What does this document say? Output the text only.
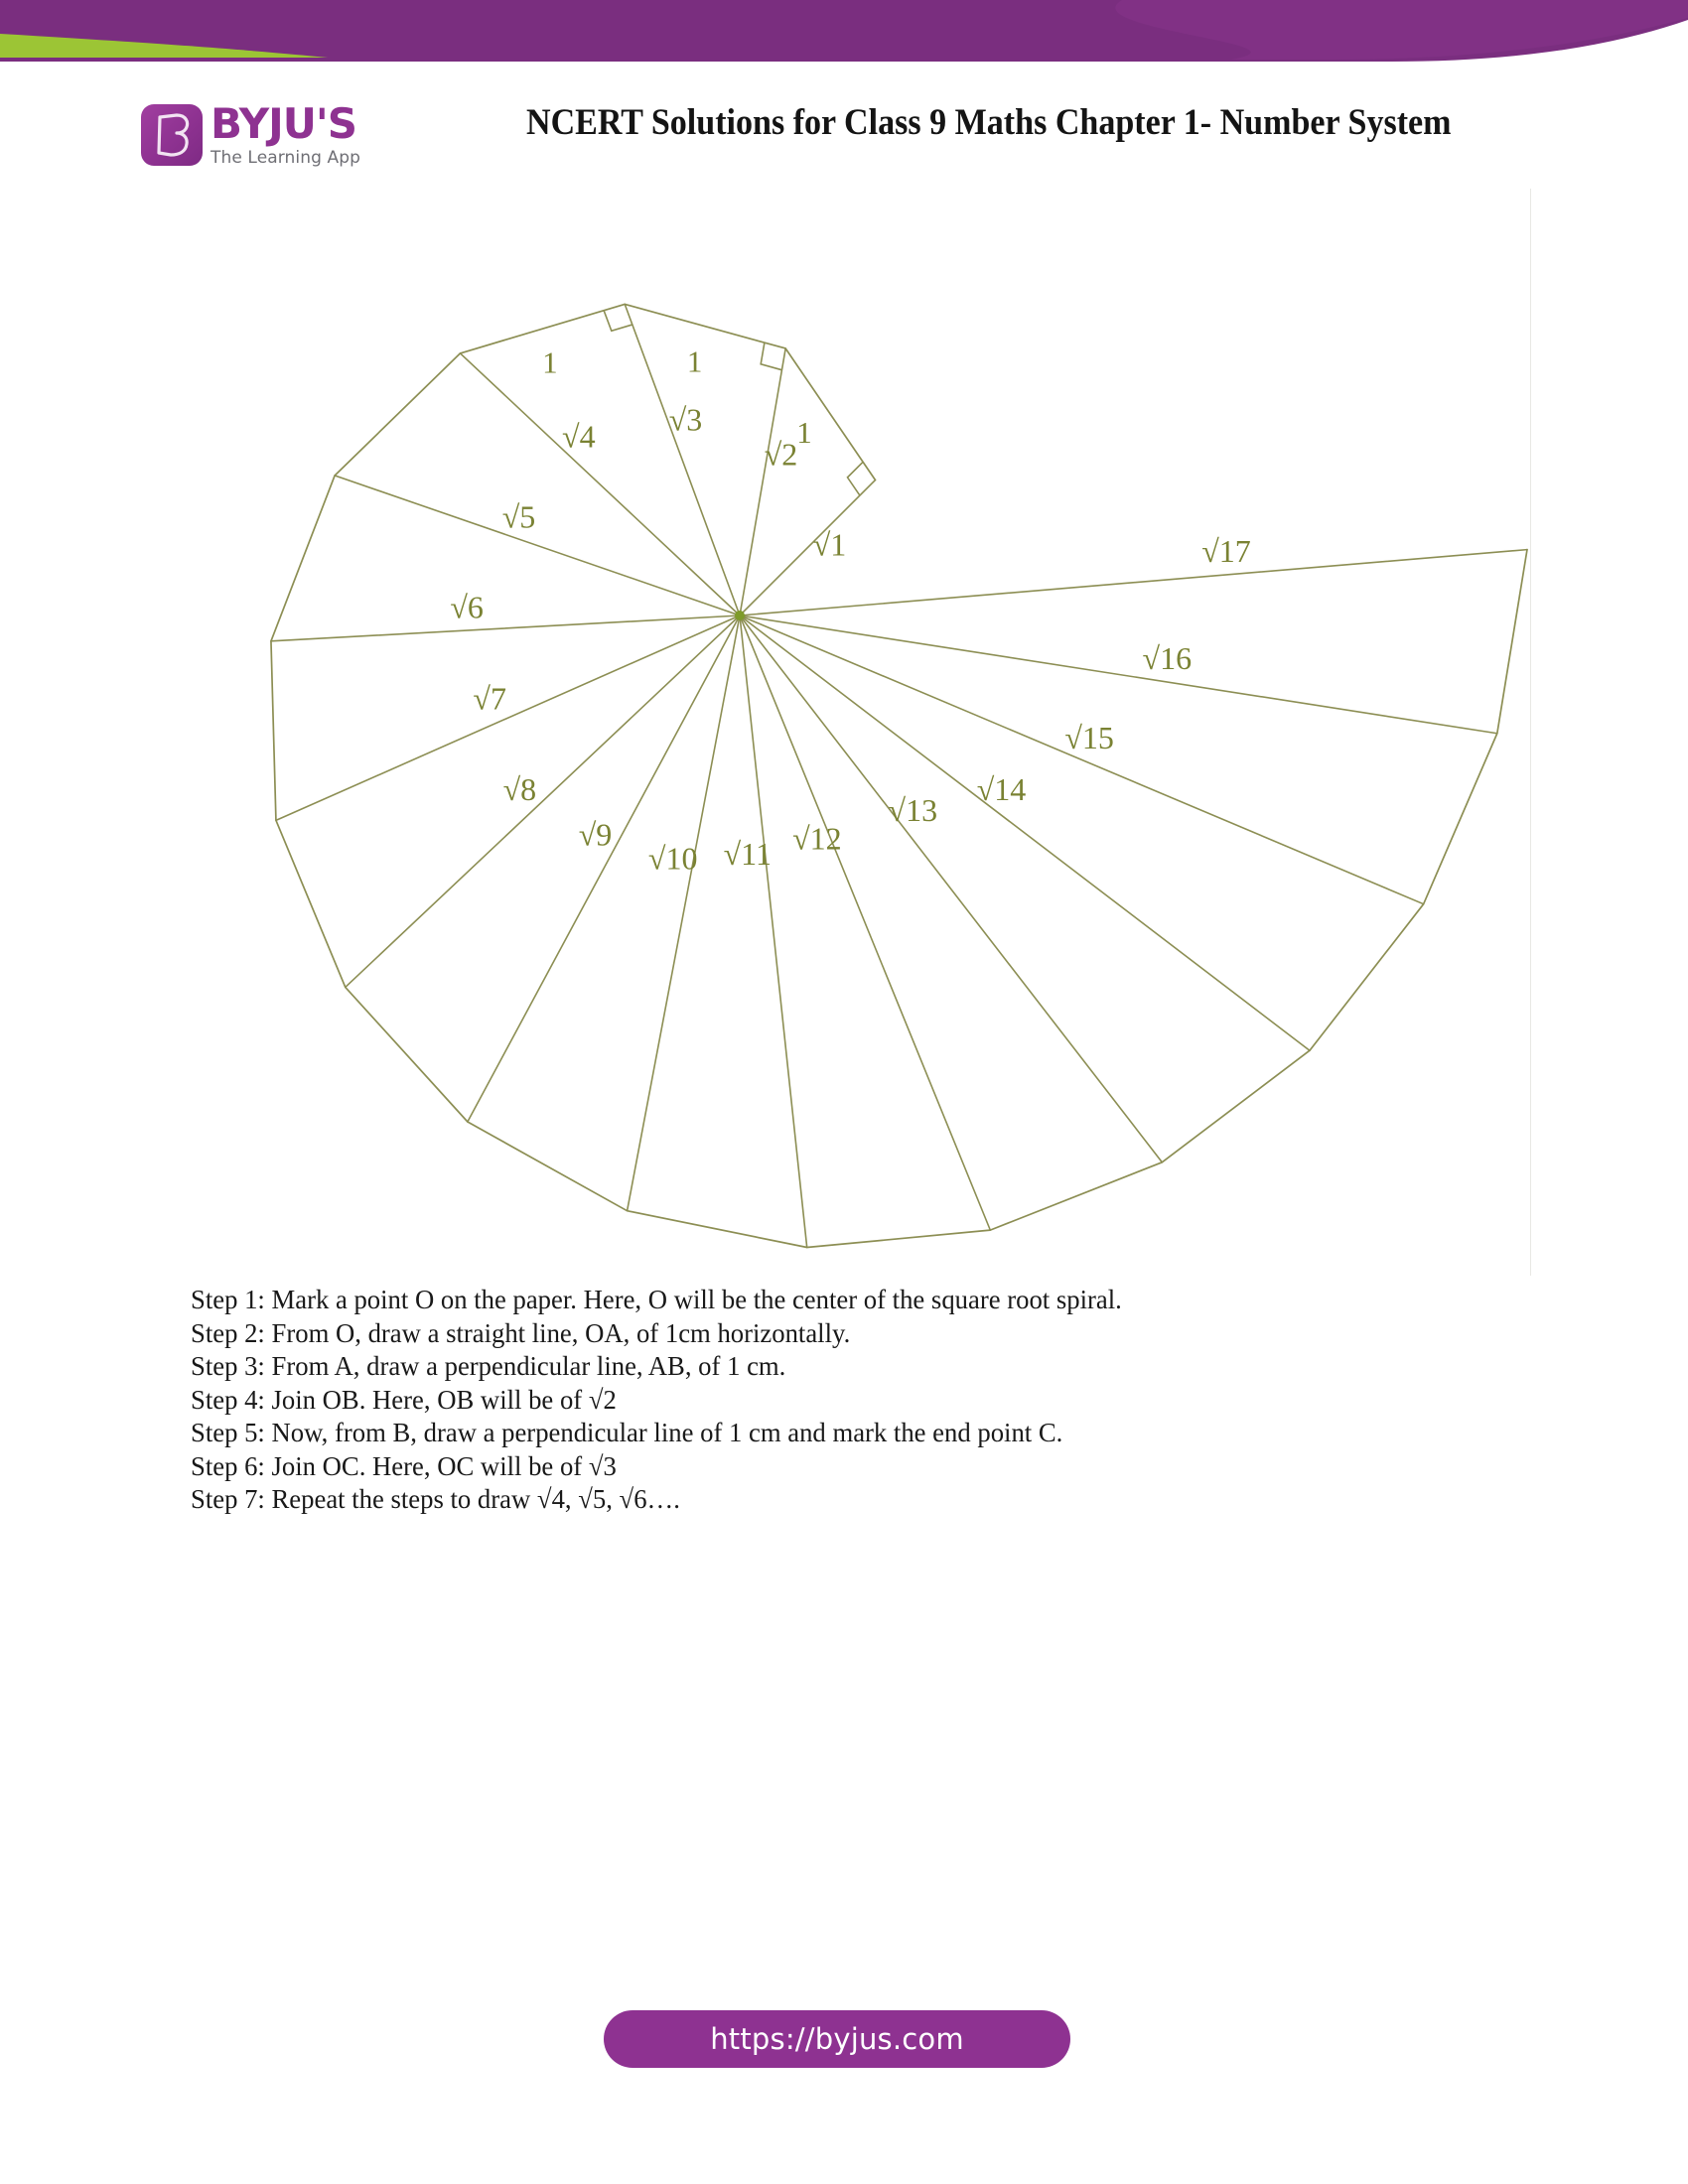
BYJU'S
The Learning App
NCERT Solutions for Class 9 Maths Chapter 1- Number System
√1
√2
√3
√4
√5
√6
√7
√8
√9
√10 √11 √12
√13
√14
√15
√16
√17
1
1
1
Step 1: Mark a point O on the paper. Here, O will be the center of the square root spiral.
Step 2: From O, draw a straight line, OA, of 1cm horizontally.
Step 3: From A, draw a perpendicular line, AB, of 1 cm.
Step 4: Join OB. Here, OB will be of √2
Step 5: Now, from B, draw a perpendicular line of 1 cm and mark the end point C.
Step 6: Join OC. Here, OC will be of √3
Step 7: Repeat the steps to draw √4, √5, √6….
https://byjus.com
